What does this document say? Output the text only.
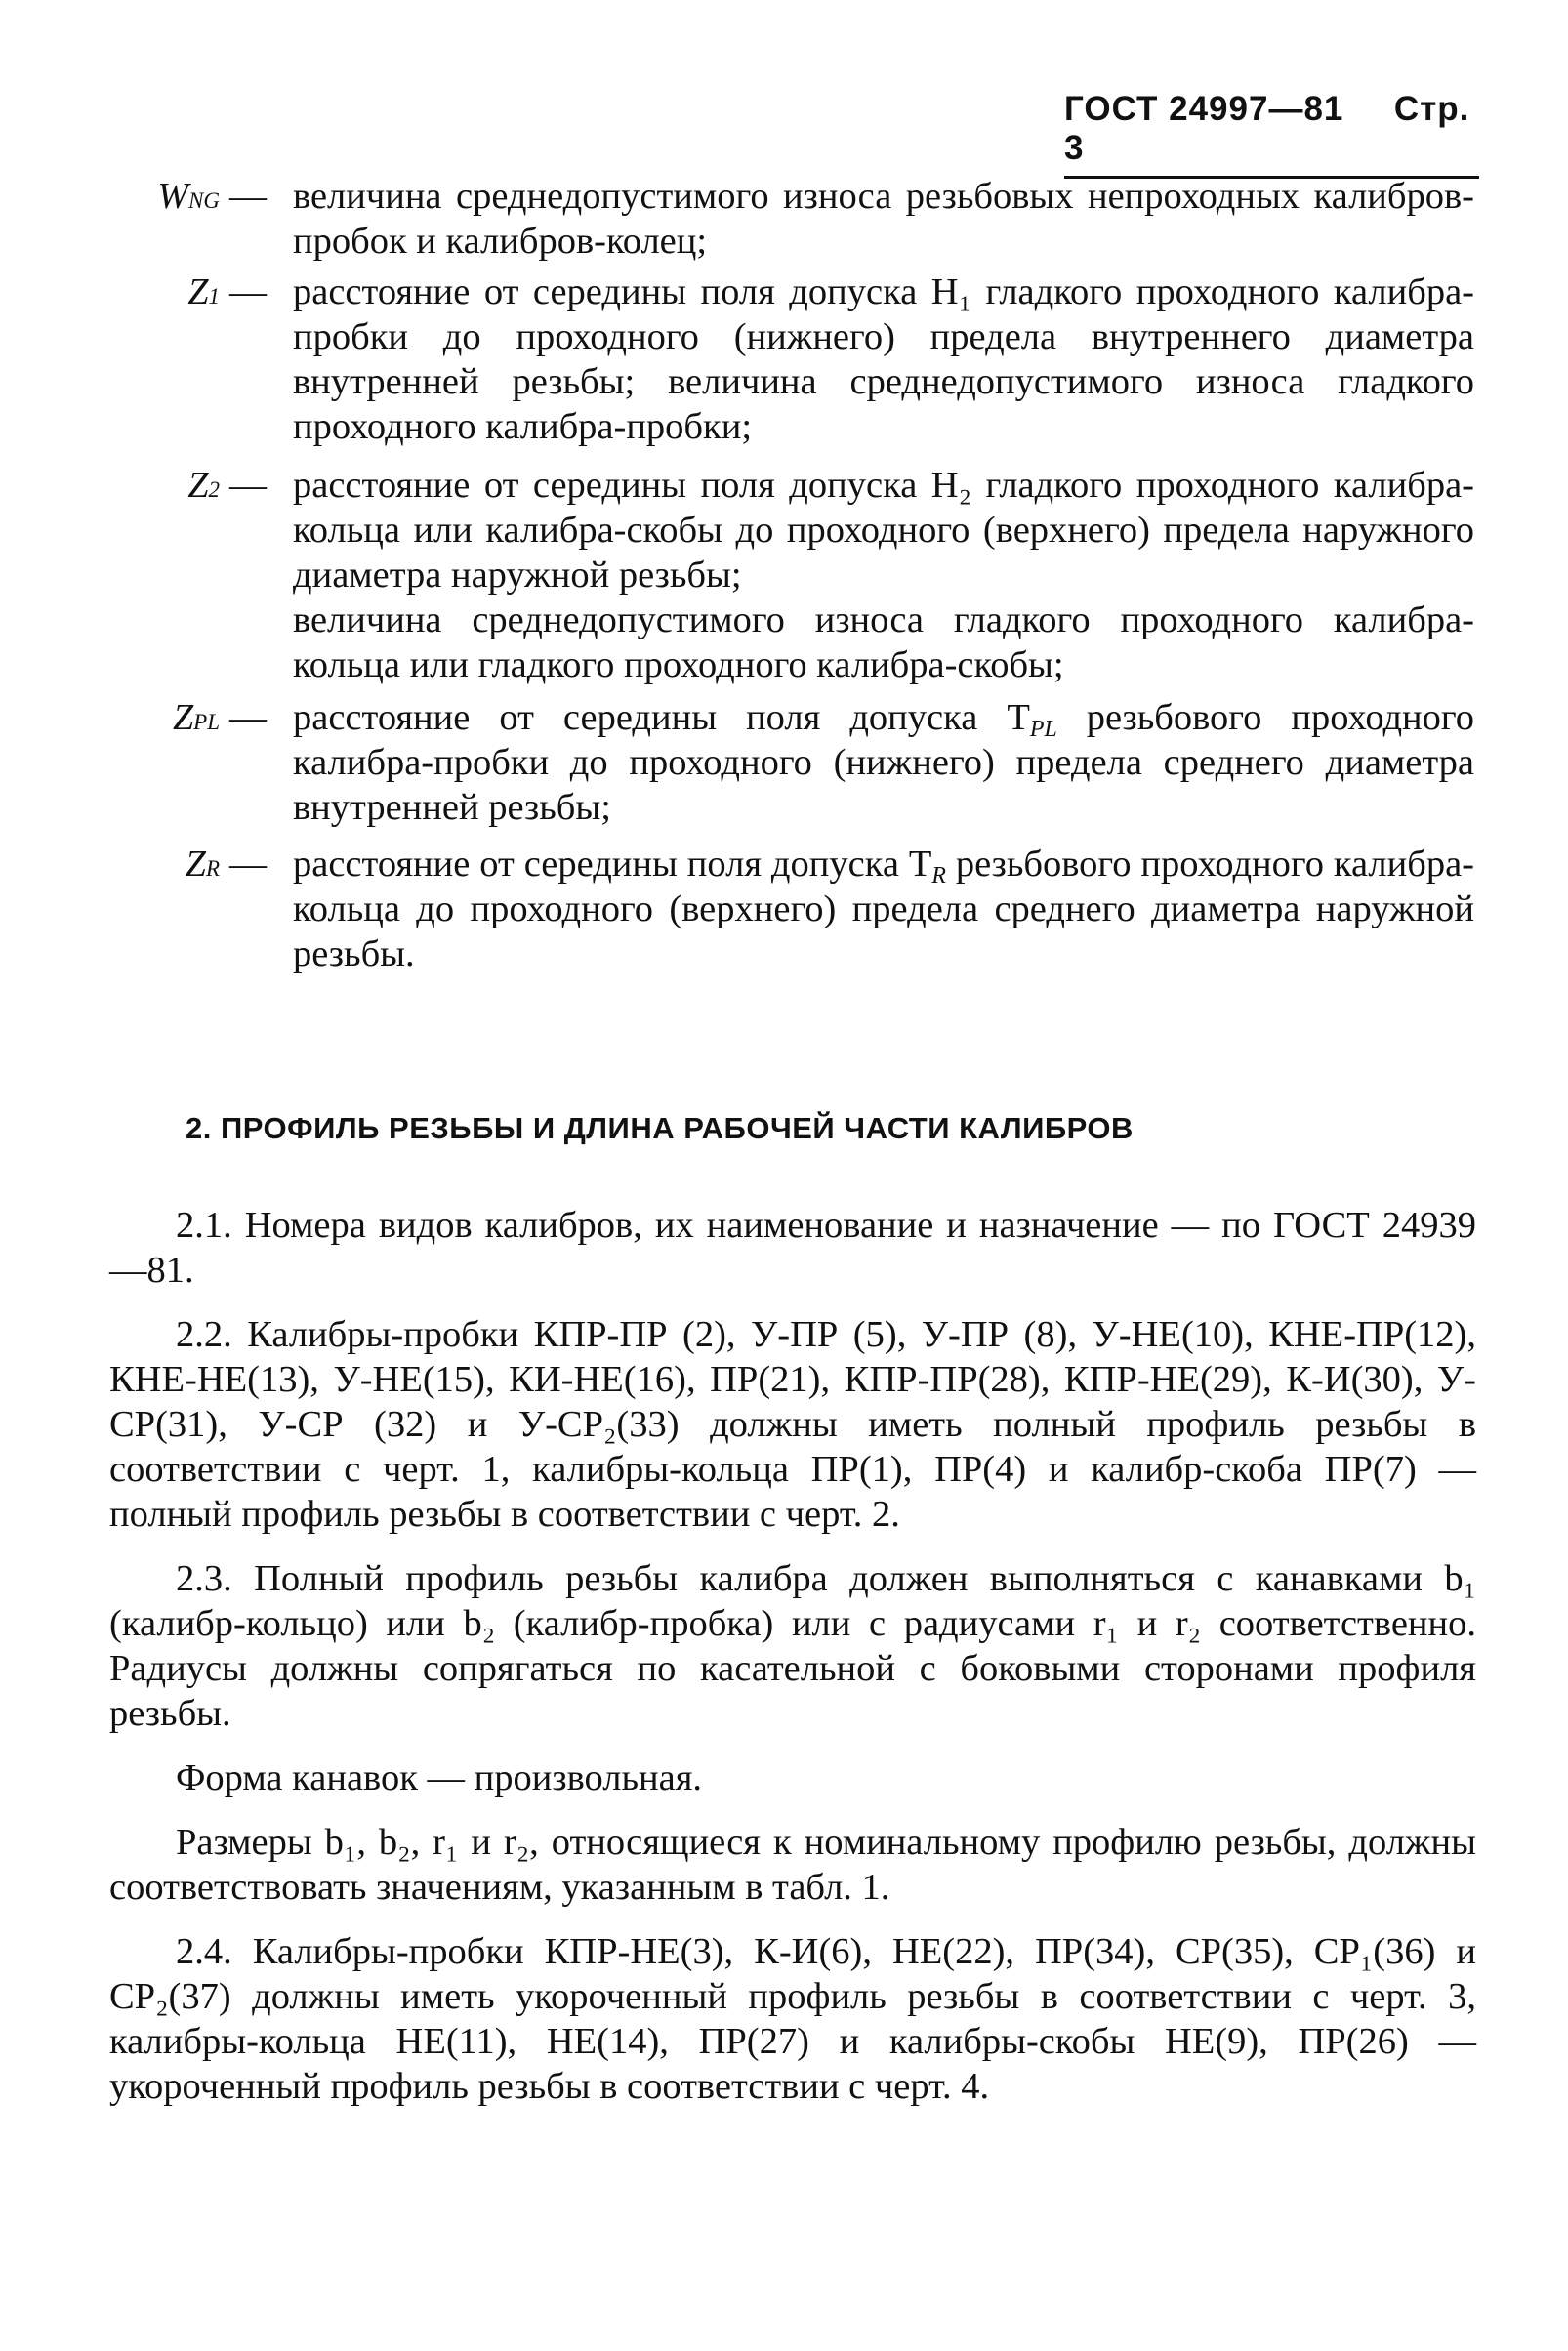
ГОСТ 24997—81 Стр. 3
WNG — величина среднедопустимого износа резьбовых непроходных калибров-пробок и калибров-колец;

Z1 — расстояние от середины поля допуска H₁ гладкого проходного калибра-пробки до проходного (нижнего) предела внутреннего диаметра внутренней резьбы; величина среднедопустимого износа гладкого проходного калибра-пробки;

Z2 — расстояние от середины поля допуска H₂ гладкого проходного калибра-кольца или калибра-скобы до проходного (верхнего) предела наружного диаметра наружной резьбы;

величина среднедопустимого износа гладкого проходного калибра-кольца или гладкого проходного калибра-скобы;

ZPL — расстояние от середины поля допуска TPL резьбового проходного калибра-пробки до проходного (нижнего) предела среднего диаметра внутренней резьбы;

ZR — расстояние от середины поля допуска TR резьбового проходного калибра-кольца до проходного (верхнего) предела среднего диаметра наружной резьбы.

2. ПРОФИЛЬ РЕЗЬБЫ И ДЛИНА РАБОЧЕЙ ЧАСТИ КАЛИБРОВ

2.1. Номера видов калибров, их наименование и назначение — по ГОСТ 24939—81.

2.2. Калибры-пробки КПР-ПР (2), У-ПР (5), У-ПР (8), У-НЕ(10), КНЕ-ПР(12), КНЕ-НЕ(13), У-НЕ(15), КИ-НЕ(16), ПР(21), КПР-ПР(28), КПР-НЕ(29), К-И(30), У-СР(31), У-СР (32) и У-СР₂(33) должны иметь полный профиль резьбы в соответствии с черт. 1, калибры-кольца ПР(1), ПР(4) и калибр-скоба ПР(7) — полный профиль резьбы в соответствии с черт. 2.

2.3. Полный профиль резьбы калибра должен выполняться с канавками b₁ (калибр-кольцо) или b₂ (калибр-пробка) или с радиусами r₁ и r₂ соответственно. Радиусы должны сопрягаться по касательной с боковыми сторонами профиля резьбы.

Форма канавок — произвольная.

Размеры b₁, b₂, r₁ и r₂, относящиеся к номинальному профилю резьбы, должны соответствовать значениям, указанным в табл. 1.

2.4. Калибры-пробки КПР-НЕ(3), К-И(6), НЕ(22), ПР(34), СР(35), СР₁(36) и СР₂(37) должны иметь укороченный профиль резьбы в соответствии с черт. 3, калибры-кольца НЕ(11), НЕ(14), ПР(27) и калибры-скобы НЕ(9), ПР(26) — укороченный профиль резьбы в соответствии с черт. 4.
